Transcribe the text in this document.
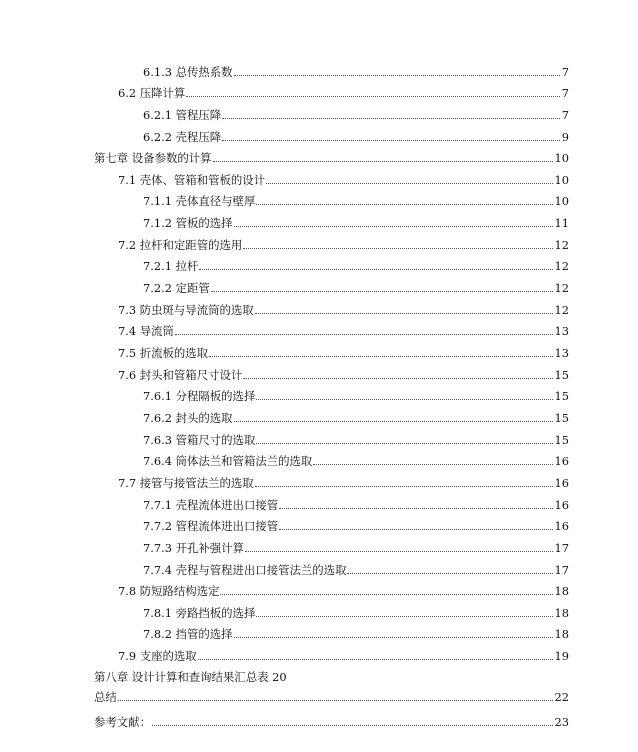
6.1.3 总传热系数	7
6.2 压降计算	7
6.2.1 管程压降	7
6.2.2 壳程压降	9
第七章 设备参数的计算	10
7.1 壳体、管箱和管板的设计	10
7.1.1 壳体直径与壁厚	10
7.1.2 管板的选择	11
7.2 拉杆和定距管的选用	12
7.2.1 拉杆	12
7.2.2 定距管	12
7.3 防虫斑与导流筒的选取	12
7.4 导流筒	13
7.5 折流板的选取	13
7.6 封头和管箱尺寸设计	15
7.6.1 分程隔板的选择	15
7.6.2 封头的选取	15
7.6.3 管箱尺寸的选取	15
7.6.4 筒体法兰和管箱法兰的选取	16
7.7 接管与接管法兰的选取	16
7.7.1 壳程流体进出口接管	16
7.7.2 管程流体进出口接管	16
7.7.3 开孔补强计算	17
7.7.4 壳程与管程进出口接管法兰的选取	17
7.8 防短路结构选定	18
7.8.1 旁路挡板的选择	18
7.8.2 挡管的选择	18
7.9 支座的选取	19
第八章 设计计算和查询结果汇总表 20
总结	22
参考文献：	23
